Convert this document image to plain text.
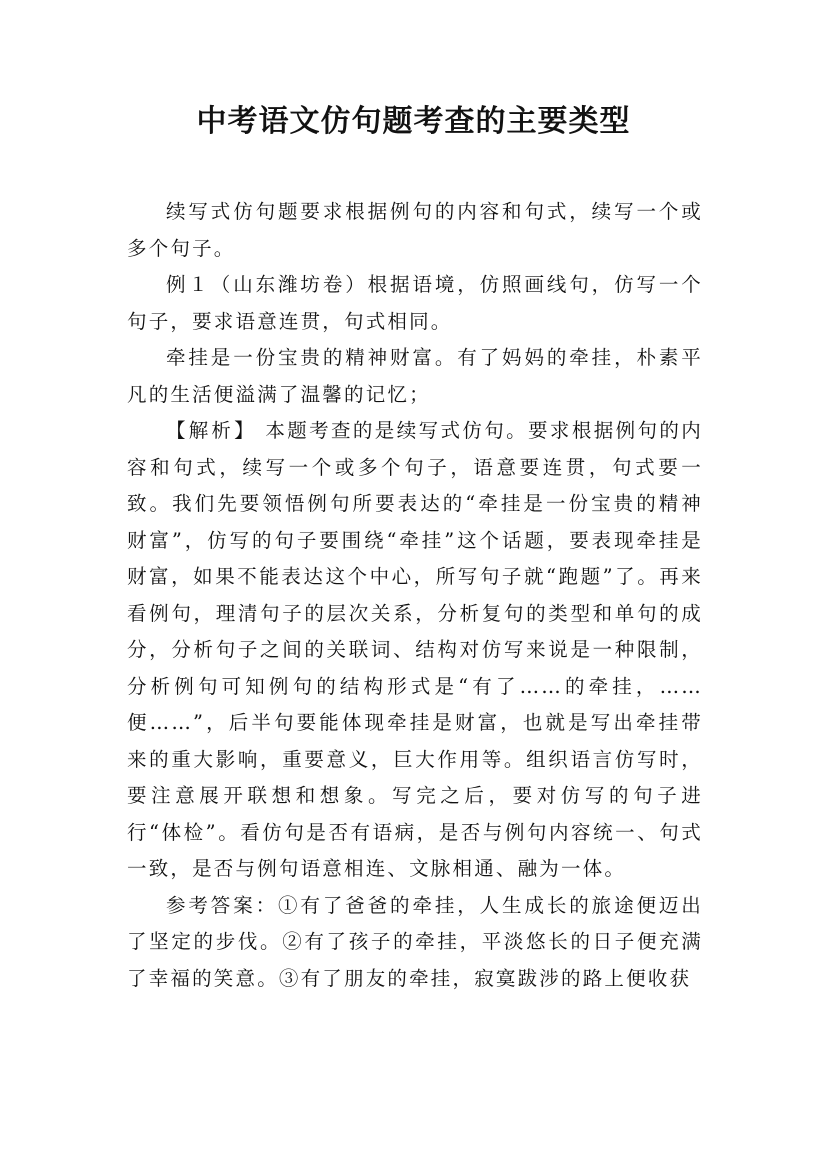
中考语文仿句题考查的主要类型

续写式仿句题要求根据例句的内容和句式，续写一个或多个句子。

例１（山东潍坊卷）根据语境，仿照画线句，仿写一个句子，要求语意连贯，句式相同。

牵挂是一份宝贵的精神财富。有了妈妈的牵挂，朴素平凡的生活便溢满了温馨的记忆；

【解析】 本题考查的是续写式仿句。要求根据例句的内容和句式，续写一个或多个句子，语意要连贯，句式要一致。我们先要领悟例句所要表达的“牵挂是一份宝贵的精神财富”，仿写的句子要围绕“牵挂”这个话题，要表现牵挂是财富，如果不能表达这个中心，所写句子就“跑题”了。再来看例句，理清句子的层次关系，分析复句的类型和单句的成分，分析句子之间的关联词、结构对仿写来说是一种限制，分析例句可知例句的结构形式是“有了……的牵挂，……便……”，后半句要能体现牵挂是财富，也就是写出牵挂带来的重大影响，重要意义，巨大作用等。组织语言仿写时，要注意展开联想和想象。写完之后，要对仿写的句子进行“体检”。看仿句是否有语病，是否与例句内容统一、句式一致，是否与例句语意相连、文脉相通、融为一体。

参考答案：①有了爸爸的牵挂，人生成长的旅途便迈出了坚定的步伐。②有了孩子的牵挂，平淡悠长的日子便充满了幸福的笑意。③有了朋友的牵挂，寂寞跋涉的路上便收获
